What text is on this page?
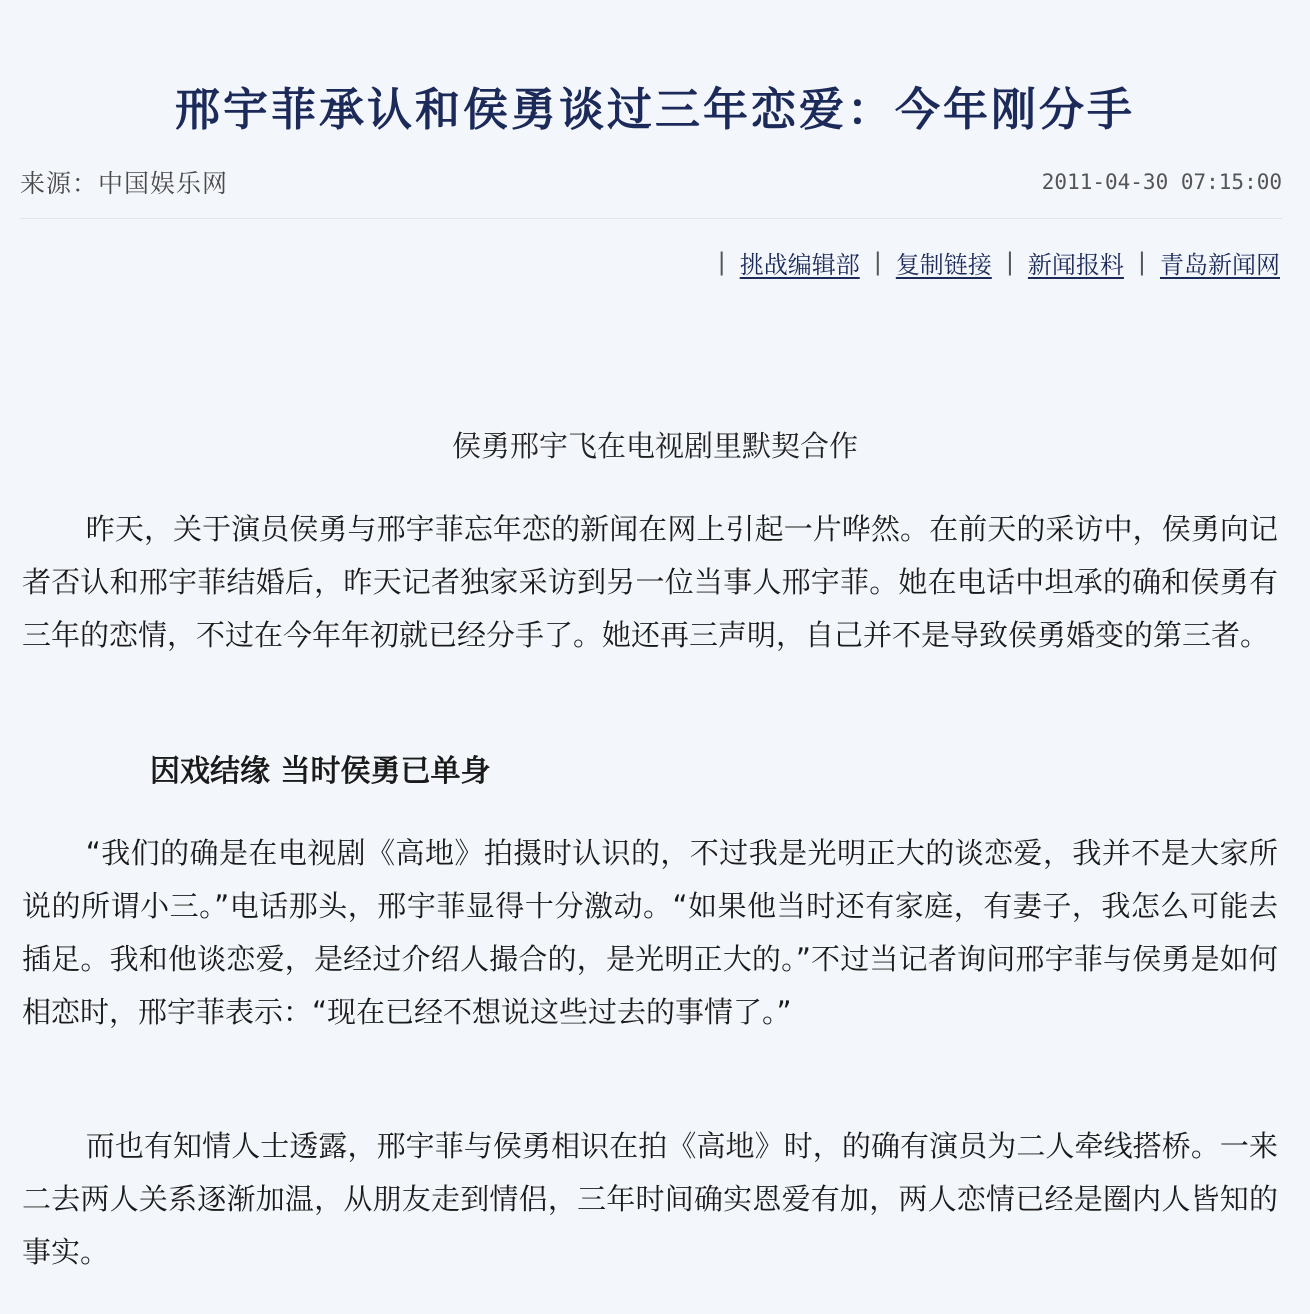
邢宇菲承认和侯勇谈过三年恋爱：今年刚分手
来源：中国娱乐网	2011-04-30 07:15:00
| 挑战编辑部 | 复制链接 | 新闻报料 | 青岛新闻网
侯勇邢宇飞在电视剧里默契合作

昨天，关于演员侯勇与邢宇菲忘年恋的新闻在网上引起一片哗然。在前天的采访中，侯勇向记者否认和邢宇菲结婚后，昨天记者独家采访到另一位当事人邢宇菲。她在电话中坦承的确和侯勇有三年的恋情，不过在今年年初就已经分手了。她还再三声明，自己并不是导致侯勇婚变的第三者。

因戏结缘 当时侯勇已单身

“我们的确是在电视剧《高地》拍摄时认识的，不过我是光明正大的谈恋爱，我并不是大家所说的所谓小三。”电话那头，邢宇菲显得十分激动。“如果他当时还有家庭，有妻子，我怎么可能去插足。我和他谈恋爱，是经过介绍人撮合的，是光明正大的。”不过当记者询问邢宇菲与侯勇是如何相恋时，邢宇菲表示：“现在已经不想说这些过去的事情了。”

而也有知情人士透露，邢宇菲与侯勇相识在拍《高地》时，的确有演员为二人牵线搭桥。一来二去两人关系逐渐加温，从朋友走到情侣，三年时间确实恩爱有加，两人恋情已经是圈内人皆知的事实。
